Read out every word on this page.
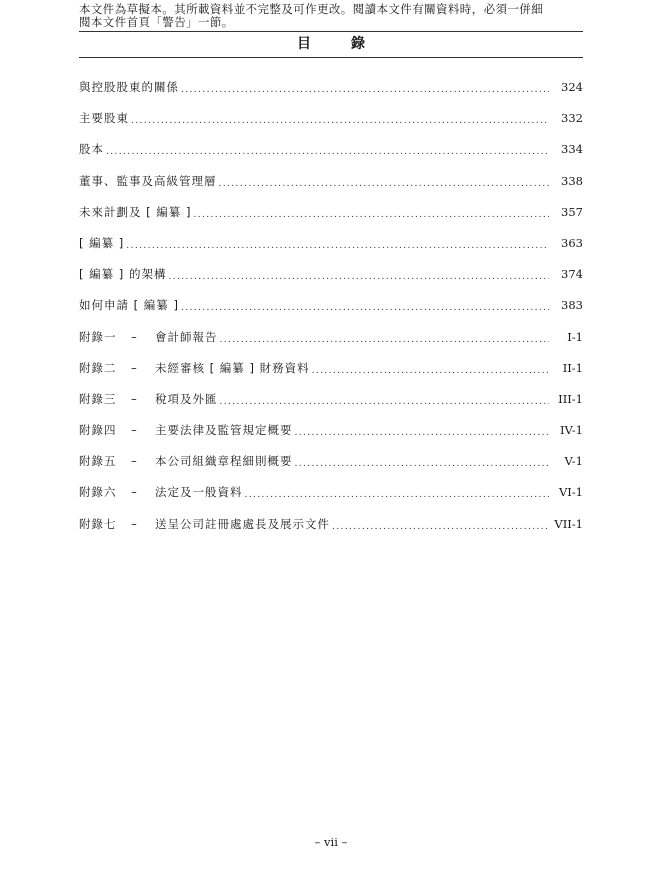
本文件為草擬本。其所載資料並不完整及可作更改。閱讀本文件有關資料時，必須一併細
閱本文件首頁「警告」一節。
目	錄
與控股股東的關係 .....	324
主要股東 .....	332
股本 .....	334
董事、監事及高級管理層 .....	338
未來計劃及 [ 編纂 ] .....	357
[ 編纂 ] .....	363
[ 編纂 ] 的架構 .....	374
如何申請 [ 編纂 ] .....	383
附錄一	–	會計師報告 .....	I-1
附錄二	–	未經審核 [ 編纂 ] 財務資料 .....	II-1
附錄三	–	稅項及外匯 .....	III-1
附錄四	–	主要法律及監管規定概要 .....	IV-1
附錄五	–	本公司組織章程細則概要 .....	V-1
附錄六	–	法定及一般資料 .....	VI-1
附錄七	–	送呈公司註冊處處長及展示文件 .....	VII-1
– vii –
